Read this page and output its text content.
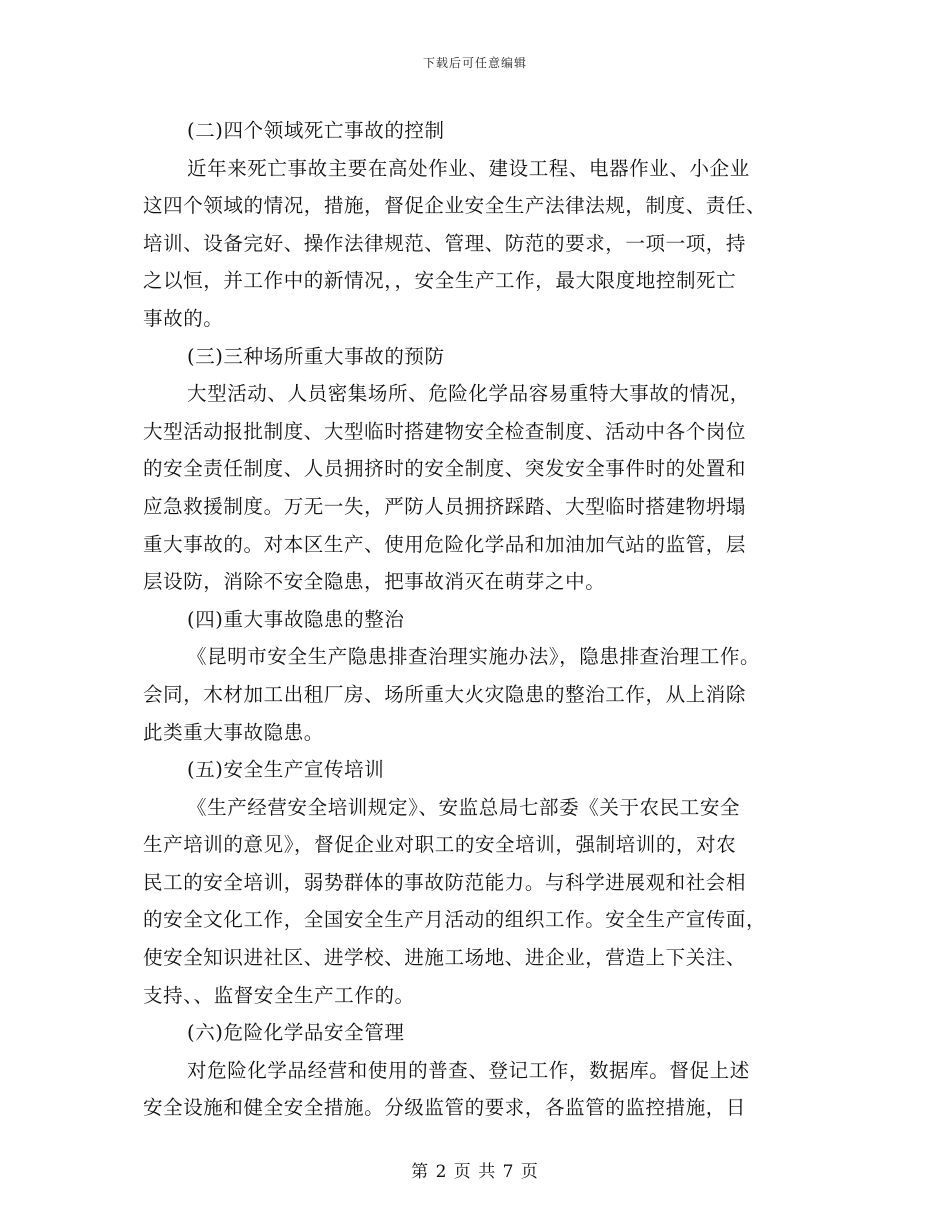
下载后可任意编辑
(二)四个领域死亡事故的控制
近年来死亡事故主要在高处作业、建设工程、电器作业、小企业
这四个领域的情况，措施，督促企业安全生产法律法规，制度、责任、
培训、设备完好、操作法律规范、管理、防范的要求，一项一项，持
之以恒，并工作中的新情况，，安全生产工作，最大限度地控制死亡
事故的。
(三)三种场所重大事故的预防
大型活动、人员密集场所、危险化学品容易重特大事故的情况，
大型活动报批制度、大型临时搭建物安全检查制度、活动中各个岗位
的安全责任制度、人员拥挤时的安全制度、突发安全事件时的处置和
应急救援制度。万无一失，严防人员拥挤踩踏、大型临时搭建物坍塌
重大事故的。对本区生产、使用危险化学品和加油加气站的监管，层
层设防，消除不安全隐患，把事故消灭在萌芽之中。
(四)重大事故隐患的整治
《昆明市安全生产隐患排查治理实施办法》，隐患排查治理工作。
会同，木材加工出租厂房、场所重大火灾隐患的整治工作，从上消除
此类重大事故隐患。
(五)安全生产宣传培训
《生产经营安全培训规定》、安监总局七部委《关于农民工安全
生产培训的意见》，督促企业对职工的安全培训，强制培训的，对农
民工的安全培训，弱势群体的事故防范能力。与科学进展观和社会相
的安全文化工作，全国安全生产月活动的组织工作。安全生产宣传面，
使安全知识进社区、进学校、进施工场地、进企业，营造上下关注、
支持、、监督安全生产工作的。
(六)危险化学品安全管理
对危险化学品经营和使用的普查、登记工作，数据库。督促上述
安全设施和健全安全措施。分级监管的要求，各监管的监控措施，日
第 2 页 共 7 页
